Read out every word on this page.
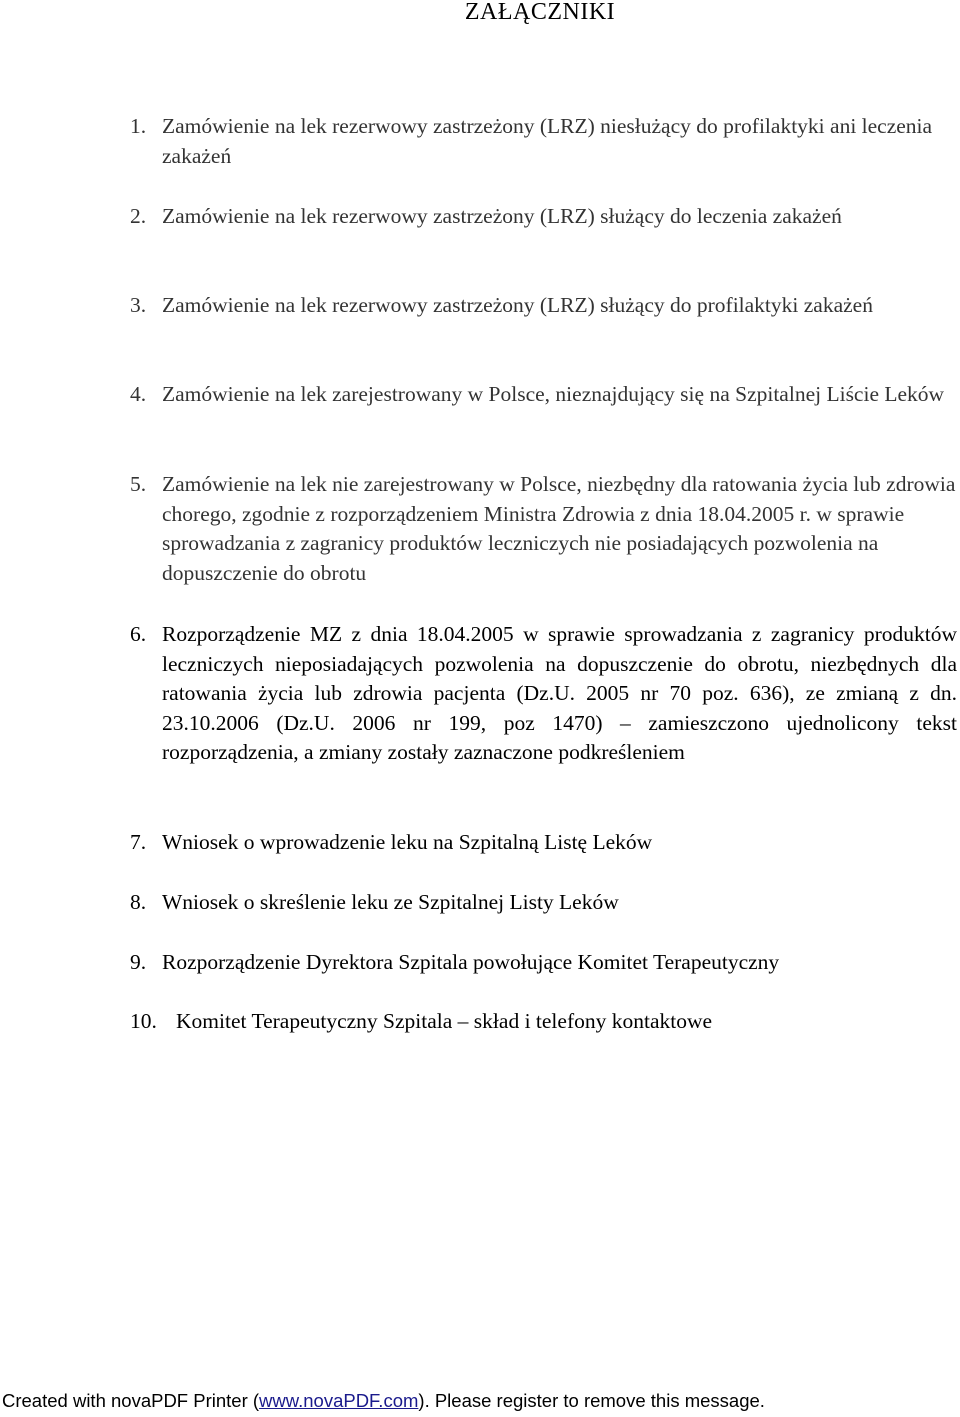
ZAŁĄCZNIKI
1. Zamówienie na lek rezerwowy zastrzeżony (LRZ) niesłużący do profilaktyki ani leczenia zakażeń
2. Zamówienie na lek rezerwowy zastrzeżony (LRZ) służący do leczenia zakażeń
3. Zamówienie na lek rezerwowy zastrzeżony (LRZ) służący do profilaktyki zakażeń
4. Zamówienie na lek zarejestrowany w Polsce, nieznajdujący się na Szpitalnej Liście Leków
5. Zamówienie na lek nie zarejestrowany w Polsce, niezbędny dla ratowania życia lub zdrowia chorego, zgodnie z rozporządzeniem Ministra Zdrowia z dnia 18.04.2005 r. w sprawie sprowadzania z zagranicy produktów leczniczych nie posiadających pozwolenia na dopuszczenie do obrotu
6. Rozporządzenie MZ z dnia 18.04.2005 w sprawie sprowadzania z zagranicy produktów leczniczych nieposiadających pozwolenia na dopuszczenie do obrotu, niezbędnych dla ratowania życia lub zdrowia pacjenta (Dz.U. 2005 nr 70 poz. 636), ze zmianą z dn. 23.10.2006 (Dz.U. 2006 nr 199, poz 1470) – zamieszczono ujednolicony tekst rozporządzenia, a zmiany zostały zaznaczone podkreśleniem
7. Wniosek o wprowadzenie leku na Szpitalną Listę Leków
8. Wniosek o skreślenie leku ze Szpitalnej Listy Leków
9. Rozporządzenie Dyrektora Szpitala powołujące Komitet Terapeutyczny
10. Komitet Terapeutyczny Szpitala – skład i telefony kontaktowe
Created with novaPDF Printer (www.novaPDF.com). Please register to remove this message.
